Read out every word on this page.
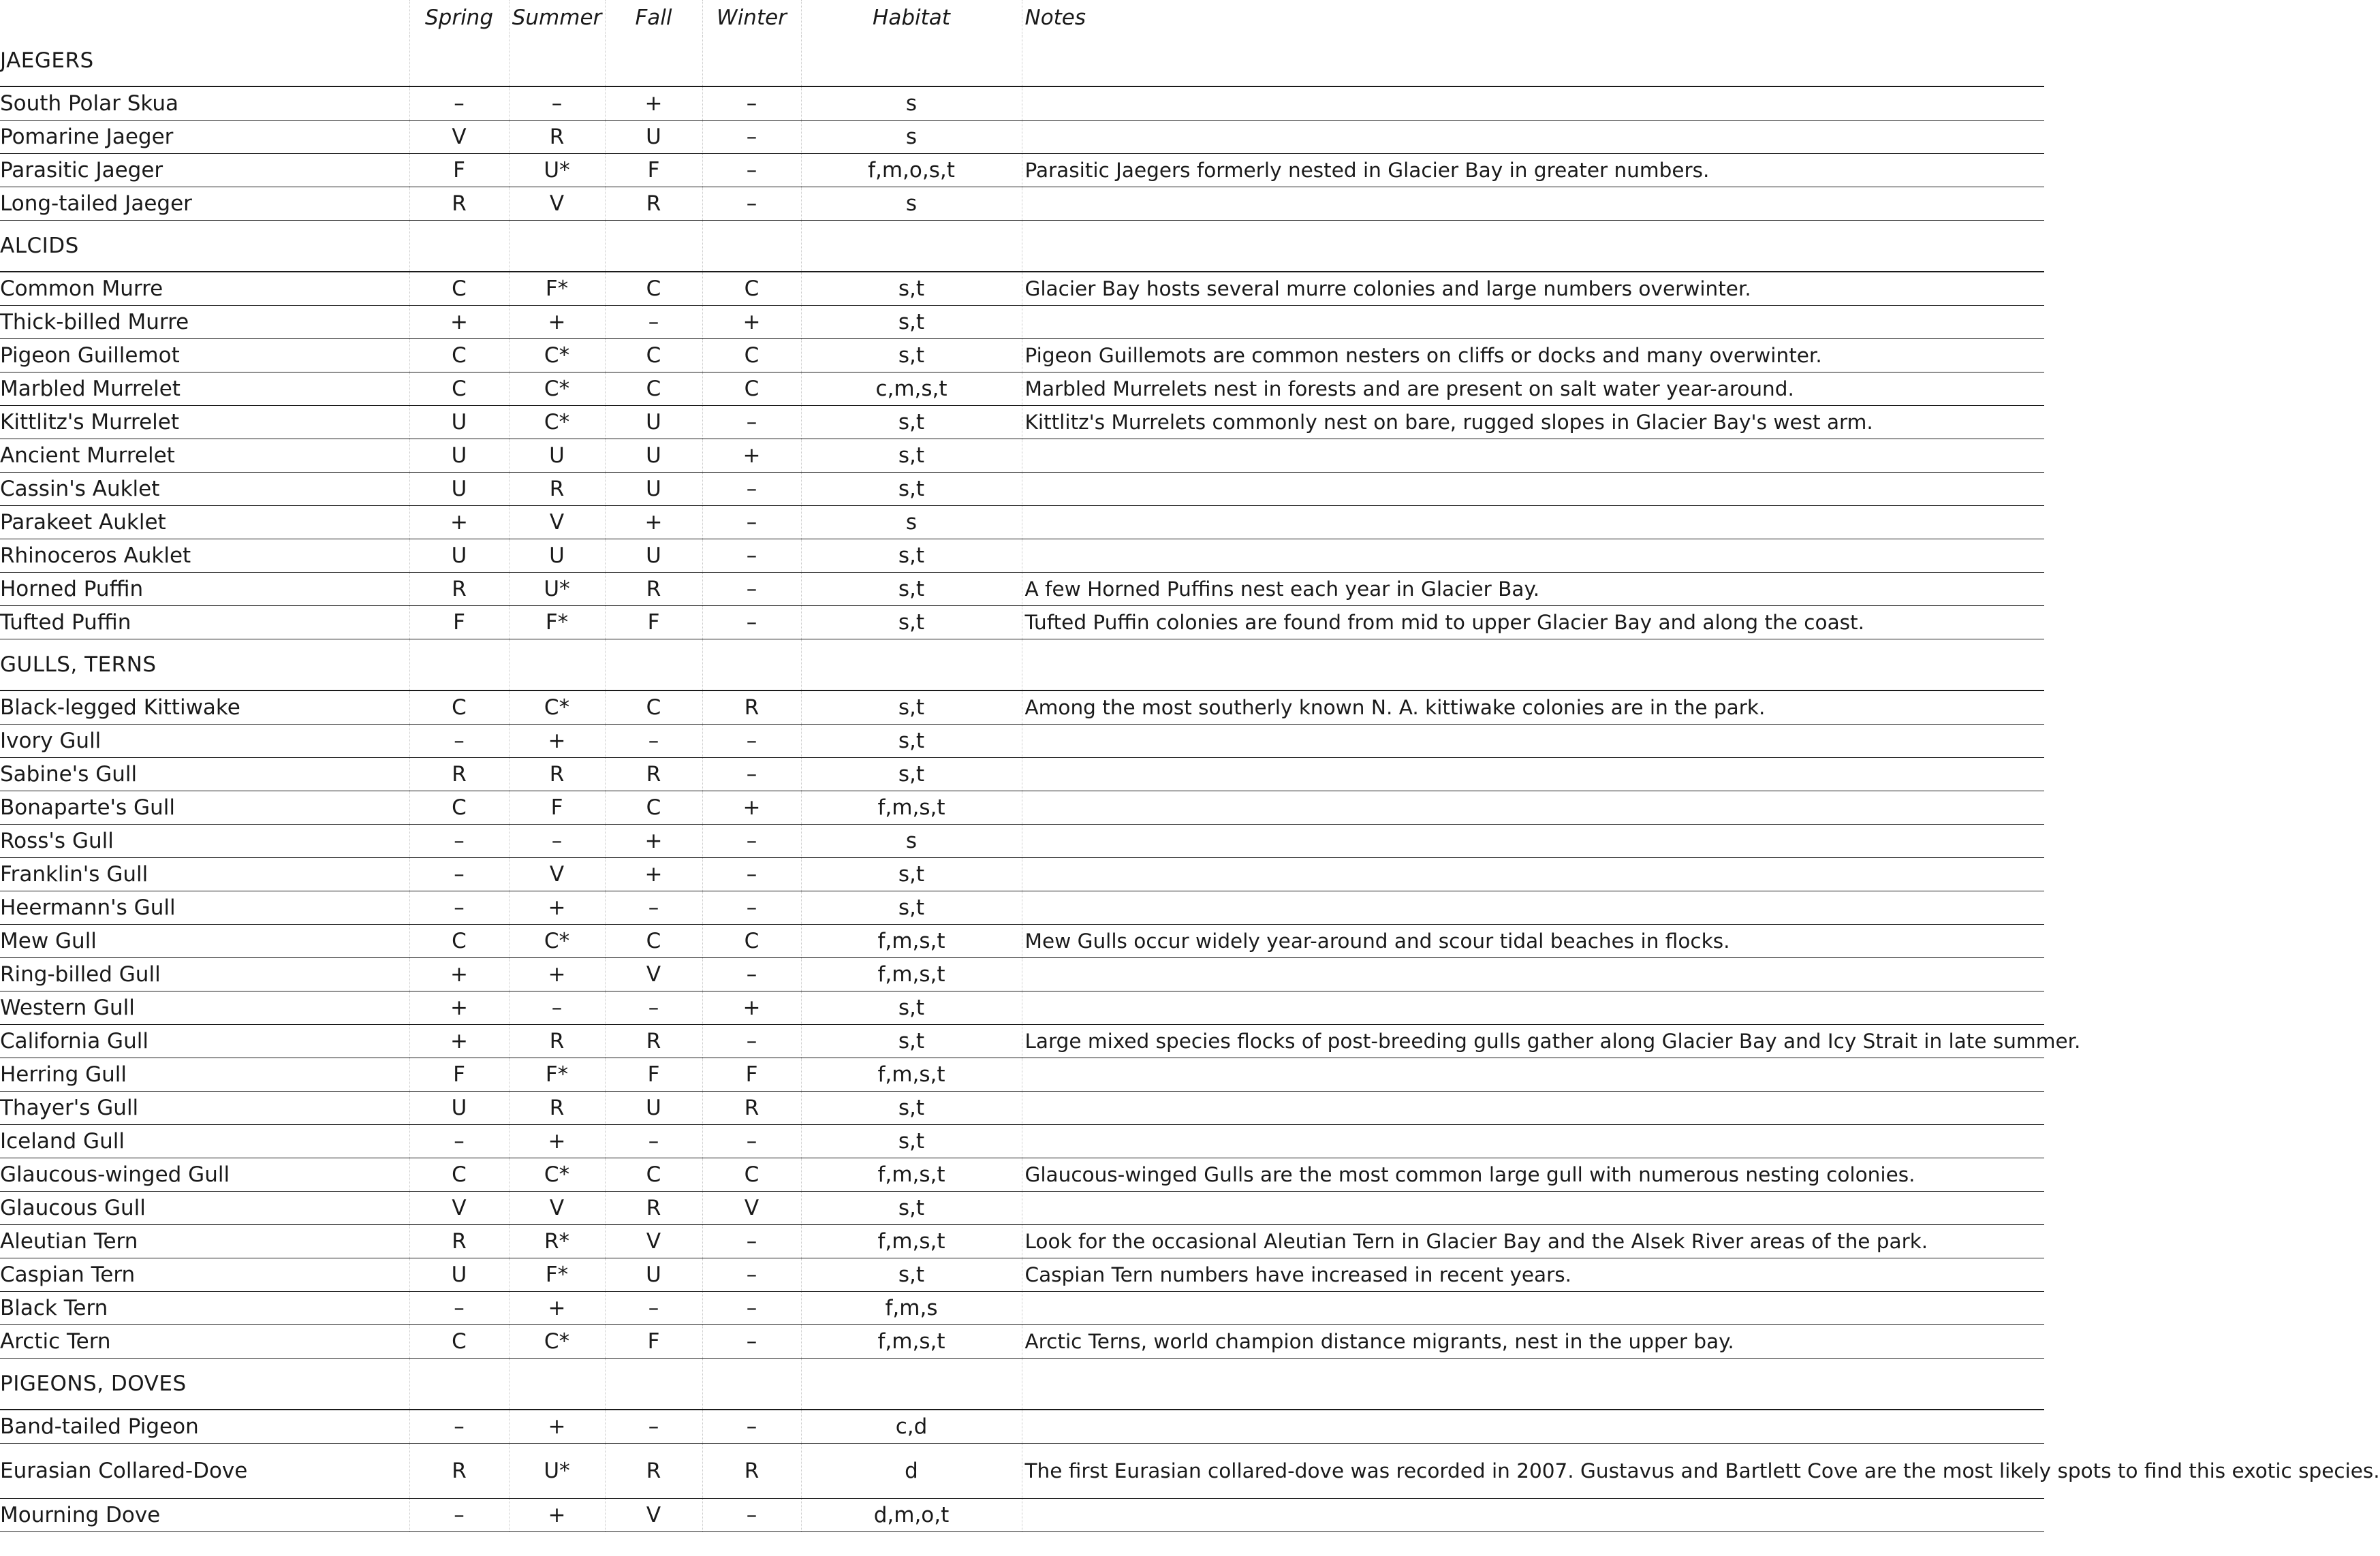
	Spring	Summer	Fall	Winter	Habitat	Notes
JAEGERS						
South Polar Skua	–	–	+	–	s	
Pomarine Jaeger	V	R	U	–	s	
Parasitic Jaeger	F	U*	F	–	f,m,o,s,t	Parasitic Jaegers formerly nested in Glacier Bay in greater numbers.
Long-tailed Jaeger	R	V	R	–	s	
ALCIDS						
Common Murre	C	F*	C	C	s,t	Glacier Bay hosts several murre colonies and large numbers overwinter.
Thick-billed Murre	+	+	–	+	s,t	
Pigeon Guillemot	C	C*	C	C	s,t	Pigeon Guillemots are common nesters on cliffs or docks and many overwinter.
Marbled Murrelet	C	C*	C	C	c,m,s,t	Marbled Murrelets nest in forests and are present on salt water year-around.
Kittlitz's Murrelet	U	C*	U	–	s,t	Kittlitz's Murrelets commonly nest on bare, rugged slopes in Glacier Bay's west arm.
Ancient Murrelet	U	U	U	+	s,t	
Cassin's Auklet	U	R	U	–	s,t	
Parakeet Auklet	+	V	+	–	s	
Rhinoceros Auklet	U	U	U	–	s,t	
Horned Puffin	R	U*	R	–	s,t	A few Horned Puffins nest each year in Glacier Bay.
Tufted Puffin	F	F*	F	–	s,t	Tufted Puffin colonies are found from mid to upper Glacier Bay and along the coast.
GULLS, TERNS						
Black-legged Kittiwake	C	C*	C	R	s,t	Among the most southerly known N. A. kittiwake colonies are in the park.
Ivory Gull	–	+	–	–	s,t	
Sabine's Gull	R	R	R	–	s,t	
Bonaparte's Gull	C	F	C	+	f,m,s,t	
Ross's Gull	–	–	+	–	s	
Franklin's Gull	–	V	+	–	s,t	
Heermann's Gull	–	+	–	–	s,t	
Mew Gull	C	C*	C	C	f,m,s,t	Mew Gulls occur widely year-around and scour tidal beaches in flocks.
Ring-billed Gull	+	+	V	–	f,m,s,t	
Western Gull	+	–	–	+	s,t	
California Gull	+	R	R	–	s,t	Large mixed species flocks of post-breeding gulls gather along Glacier Bay and Icy Strait in late summer.
Herring Gull	F	F*	F	F	f,m,s,t	
Thayer's Gull	U	R	U	R	s,t	
Iceland Gull	–	+	–	–	s,t	
Glaucous-winged Gull	C	C*	C	C	f,m,s,t	Glaucous-winged Gulls are the most common large gull with numerous nesting colonies.
Glaucous Gull	V	V	R	V	s,t	
Aleutian Tern	R	R*	V	–	f,m,s,t	Look for the occasional Aleutian Tern in Glacier Bay and the Alsek River areas of the park.
Caspian Tern	U	F*	U	–	s,t	Caspian Tern numbers have increased in recent years.
Black Tern	–	+	–	–	f,m,s	
Arctic Tern	C	C*	F	–	f,m,s,t	Arctic Terns, world champion distance migrants, nest in the upper bay.
PIGEONS, DOVES						
Band-tailed Pigeon	–	+	–	–	c,d	
Eurasian Collared-Dove	R	U*	R	R	d	The first Eurasian collared-dove was recorded in 2007. Gustavus and Bartlett Cove are the most likely spots to find this exotic species.
Mourning Dove	–	+	V	–	d,m,o,t	
